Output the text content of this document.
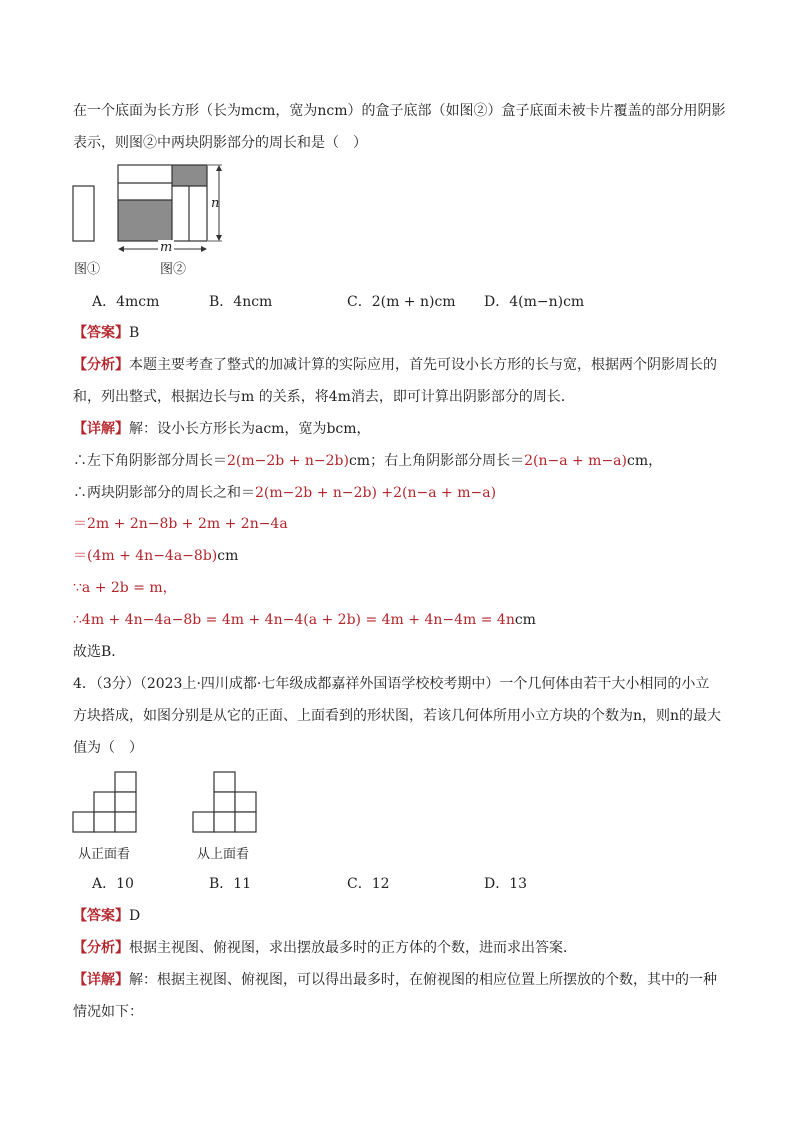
在一个底面为长方形（长为mcm，宽为ncm）的盒子底部（如图②）盒子底面未被卡片覆盖的部分用阴影
表示，则图②中两块阴影部分的周长和是（　）
图①
n
m
图②
A．4mcm	B．4ncm	C．2(m + n)cm D．4(m−n)cm
【答案】B
【分析】本题主要考查了整式的加减计算的实际应用，首先可设小长方形的长与宽，根据两个阴影周长的
和，列出整式，根据边长与m 的关系，将4m消去，即可计算出阴影部分的周长．
【详解】解：设小长方形长为acm，宽为bcm，
∴左下角阴影部分周长＝2(m−2b + n−2b)cm；右上角阴影部分周长＝2(n−a + m−a)cm，
∴两块阴影部分的周长之和＝2(m−2b + n−2b) +2(n−a + m−a)
＝2m + 2n−8b + 2m + 2n−4a
＝(4m + 4n−4a−8b)cm
∵a + 2b = m，
∴4m + 4n−4a−8b = 4m + 4n−4(a + 2b) = 4m + 4n−4m = 4ncm
故选B．
4．（3分）（2023上·四川成都·七年级成都嘉祥外国语学校校考期中）一个几何体由若干大小相同的小立
方块搭成，如图分别是从它的正面、上面看到的形状图，若该几何体所用小立方块的个数为n，则n的最大
值为（　）
从正面看	从上面看
A．10	B．11	C．12	D．13
【答案】D
【分析】根据主视图、俯视图，求出摆放最多时的正方体的个数，进而求出答案．
【详解】解：根据主视图、俯视图，可以得出最多时，在俯视图的相应位置上所摆放的个数，其中的一种
情况如下：
